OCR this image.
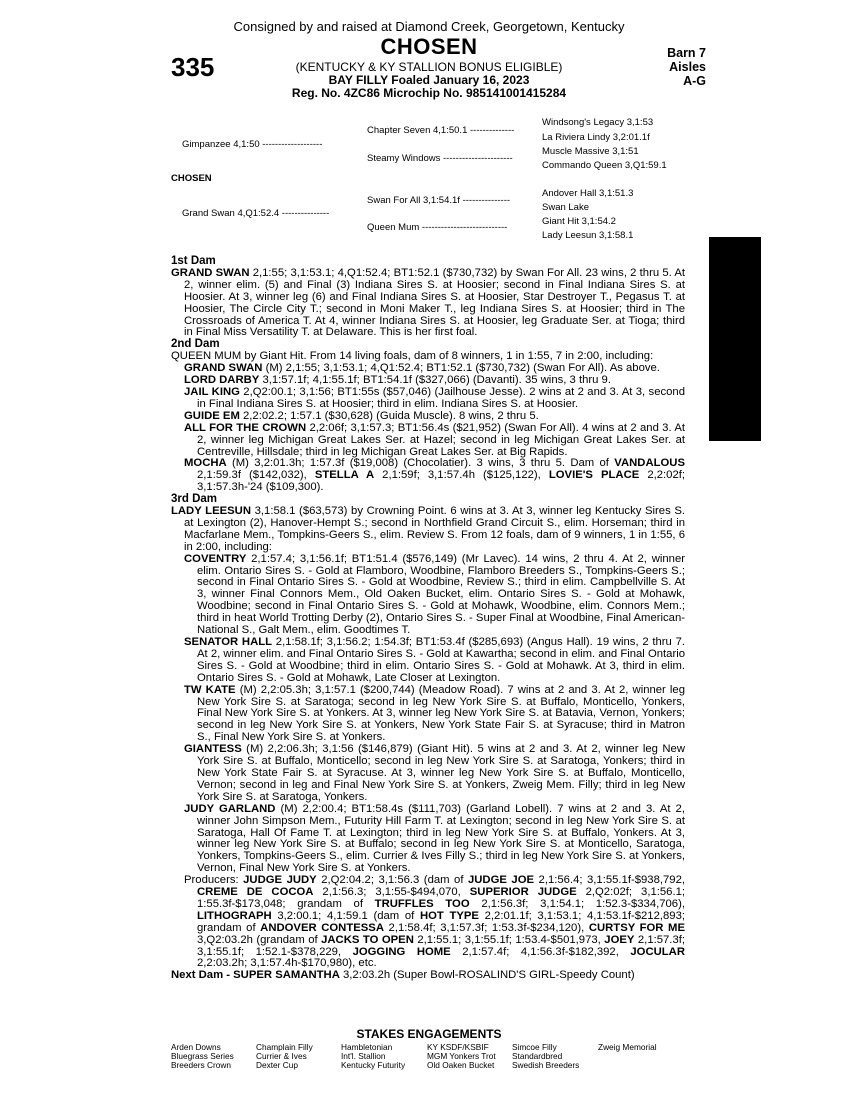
Consigned by and raised at Diamond Creek, Georgetown, Kentucky
CHOSEN
(KENTUCKY & KY STALLION BONUS ELIGIBLE)
BAY FILLY Foaled January 16, 2023
Reg. No. 4ZC86 Microchip No. 985141001415284
335	Barn 7
Aisles
A-G
Gimpanzee 4,1:50 -------------------
Chapter Seven 4,1:50.1 --------------
Steamy Windows ----------------------
Windsong's Legacy 3,1:53
La Riviera Lindy 3,2:01.1f
Muscle Massive 3,1:51
Commando Queen 3,Q1:59.1
CHOSEN
Grand Swan 4,Q1:52.4 ---------------
Swan For All 3,1:54.1f ---------------
Queen Mum ---------------------------
Andover Hall 3,1:51.3
Swan Lake
Giant Hit 3,1:54.2
Lady Leesun 3,1:58.1
1st Dam

GRAND SWAN 2,1:55; 3,1:53.1; 4,Q1:52.4; BT1:52.1 ($730,732) by Swan For All. 23 wins, 2 thru 5. At 2, winner elim. (5) and Final (3) Indiana Sires S. at Hoosier; second in Final Indiana Sires S. at Hoosier. At 3, winner leg (6) and Final Indiana Sires S. at Hoosier, Star Destroyer T., Pegasus T. at Hoosier, The Circle City T.; second in Moni Maker T., leg Indiana Sires S. at Hoosier; third in The Crossroads of America T. At 4, winner Indiana Sires S. at Hoosier, leg Graduate Ser. at Tioga; third in Final Miss Versatility T. at Delaware. This is her first foal.

2nd Dam

QUEEN MUM by Giant Hit. From 14 living foals, dam of 8 winners, 1 in 1:55, 7 in 2:00, including:

GRAND SWAN (M) 2,1:55; 3,1:53.1; 4,Q1:52.4; BT1:52.1 ($730,732) (Swan For All). As above.

LORD DARBY 3,1:57.1f; 4,1:55.1f; BT1:54.1f ($327,066) (Davanti). 35 wins, 3 thru 9.

JAIL KING 2,Q2:00.1; 3,1:56; BT1:55s ($57,046) (Jailhouse Jesse). 2 wins at 2 and 3. At 3, second in Final Indiana Sires S. at Hoosier; third in elim. Indiana Sires S. at Hoosier.

GUIDE EM 2,2:02.2; 1:57.1 ($30,628) (Guida Muscle). 8 wins, 2 thru 5.

ALL FOR THE CROWN 2,2:06f; 3,1:57.3; BT1:56.4s ($21,952) (Swan For All). 4 wins at 2 and 3. At 2, winner leg Michigan Great Lakes Ser. at Hazel; second in leg Michigan Great Lakes Ser. at Centreville, Hillsdale; third in leg Michigan Great Lakes Ser. at Big Rapids.

MOCHA (M) 3,2:01.3h; 1:57.3f ($19,008) (Chocolatier). 3 wins, 3 thru 5. Dam of VANDALOUS 2,1:59.3f ($142,032), STELLA A 2,1:59f; 3,1:57.4h ($125,122), LOVIE'S PLACE 2,2:02f; 3,1:57.3h-'24 ($109,300).

3rd Dam

LADY LEESUN 3,1:58.1 ($63,573) by Crowning Point. 6 wins at 3. At 3, winner leg Kentucky Sires S. at Lexington (2), Hanover-Hempt S.; second in Northfield Grand Circuit S., elim. Horseman; third in Macfarlane Mem., Tompkins-Geers S., elim. Review S. From 12 foals, dam of 9 winners, 1 in 1:55, 6 in 2:00, including:

COVENTRY 2,1:57.4; 3,1:56.1f; BT1:51.4 ($576,149) (Mr Lavec). 14 wins, 2 thru 4. At 2, winner elim. Ontario Sires S. - Gold at Flamboro, Woodbine, Flamboro Breeders S., Tompkins-Geers S.; second in Final Ontario Sires S. - Gold at Woodbine, Review S.; third in elim. Campbellville S. At 3, winner Final Connors Mem., Old Oaken Bucket, elim. Ontario Sires S. - Gold at Mohawk, Woodbine; second in Final Ontario Sires S. - Gold at Mohawk, Woodbine, elim. Connors Mem.; third in heat World Trotting Derby (2), Ontario Sires S. - Super Final at Woodbine, Final American-National S., Galt Mem., elim. Goodtimes T.

SENATOR HALL 2,1:58.1f; 3,1:56.2; 1:54.3f; BT1:53.4f ($285,693) (Angus Hall). 19 wins, 2 thru 7. At 2, winner elim. and Final Ontario Sires S. - Gold at Kawartha; second in elim. and Final Ontario Sires S. - Gold at Woodbine; third in elim. Ontario Sires S. - Gold at Mohawk. At 3, third in elim. Ontario Sires S. - Gold at Mohawk, Late Closer at Lexington.

TW KATE (M) 2,2:05.3h; 3,1:57.1 ($200,744) (Meadow Road). 7 wins at 2 and 3. At 2, winner leg New York Sire S. at Saratoga; second in leg New York Sire S. at Buffalo, Monticello, Yonkers, Final New York Sire S. at Yonkers. At 3, winner leg New York Sire S. at Batavia, Vernon, Yonkers; second in leg New York Sire S. at Yonkers, New York State Fair S. at Syracuse; third in Matron S., Final New York Sire S. at Yonkers.

GIANTESS (M) 2,2:06.3h; 3,1:56 ($146,879) (Giant Hit). 5 wins at 2 and 3. At 2, winner leg New York Sire S. at Buffalo, Monticello; second in leg New York Sire S. at Saratoga, Yonkers; third in New York State Fair S. at Syracuse. At 3, winner leg New York Sire S. at Buffalo, Monticello, Vernon; second in leg and Final New York Sire S. at Yonkers, Zweig Mem. Filly; third in leg New York Sire S. at Saratoga, Yonkers.

JUDY GARLAND (M) 2,2:00.4; BT1:58.4s ($111,703) (Garland Lobell). 7 wins at 2 and 3. At 2, winner John Simpson Mem., Futurity Hill Farm T. at Lexington; second in leg New York Sire S. at Saratoga, Hall Of Fame T. at Lexington; third in leg New York Sire S. at Buffalo, Yonkers. At 3, winner leg New York Sire S. at Buffalo; second in leg New York Sire S. at Monticello, Saratoga, Yonkers, Tompkins-Geers S., elim. Currier & Ives Filly S.; third in leg New York Sire S. at Yonkers, Vernon, Final New York Sire S. at Yonkers.

Producers: JUDGE JUDY 2,Q2:04.2; 3,1:56.3 (dam of JUDGE JOE 2,1:56.4; 3,1:55.1f-$938,792, CREME DE COCOA 2,1:56.3; 3,1:55-$494,070, SUPERIOR JUDGE 2,Q2:02f; 3,1:56.1; 1:55.3f-$173,048; grandam of TRUFFLES TOO 2,1:56.3f; 3,1:54.1; 1:52.3-$334,706), LITHOGRAPH 3,2:00.1; 4,1:59.1 (dam of HOT TYPE 2,2:01.1f; 3,1:53.1; 4,1:53.1f-$212,893; grandam of ANDOVER CONTESSA 2,1:58.4f; 3,1:57.3f; 1:53.3f-$234,120), CURTSY FOR ME 3,Q2:03.2h (grandam of JACKS TO OPEN 2,1:55.1; 3,1:55.1f; 1:53.4-$501,973, JOEY 2,1:57.3f; 3,1:55.1f; 1:52.1-$378,229, JOGGING HOME 2,1:57.4f; 4,1:56.3f-$182,392, JOCULAR 2,2:03.2h; 3,1:57.4h-$170,980), etc.

Next Dam - SUPER SAMANTHA 3,2:03.2h (Super Bowl-ROSALIND'S GIRL-Speedy Count)

STAKES ENGAGEMENTS
Arden Downs
Bluegrass Series
Breeders Crown
Champlain Filly
Currier & Ives
Dexter Cup
Hambletonian
Int'l. Stallion
Kentucky Futurity
KY KSDF/KSBIF
MGM Yonkers Trot
Old Oaken Bucket
Simcoe Filly
Standardbred
Swedish Breeders
Zweig Memorial
